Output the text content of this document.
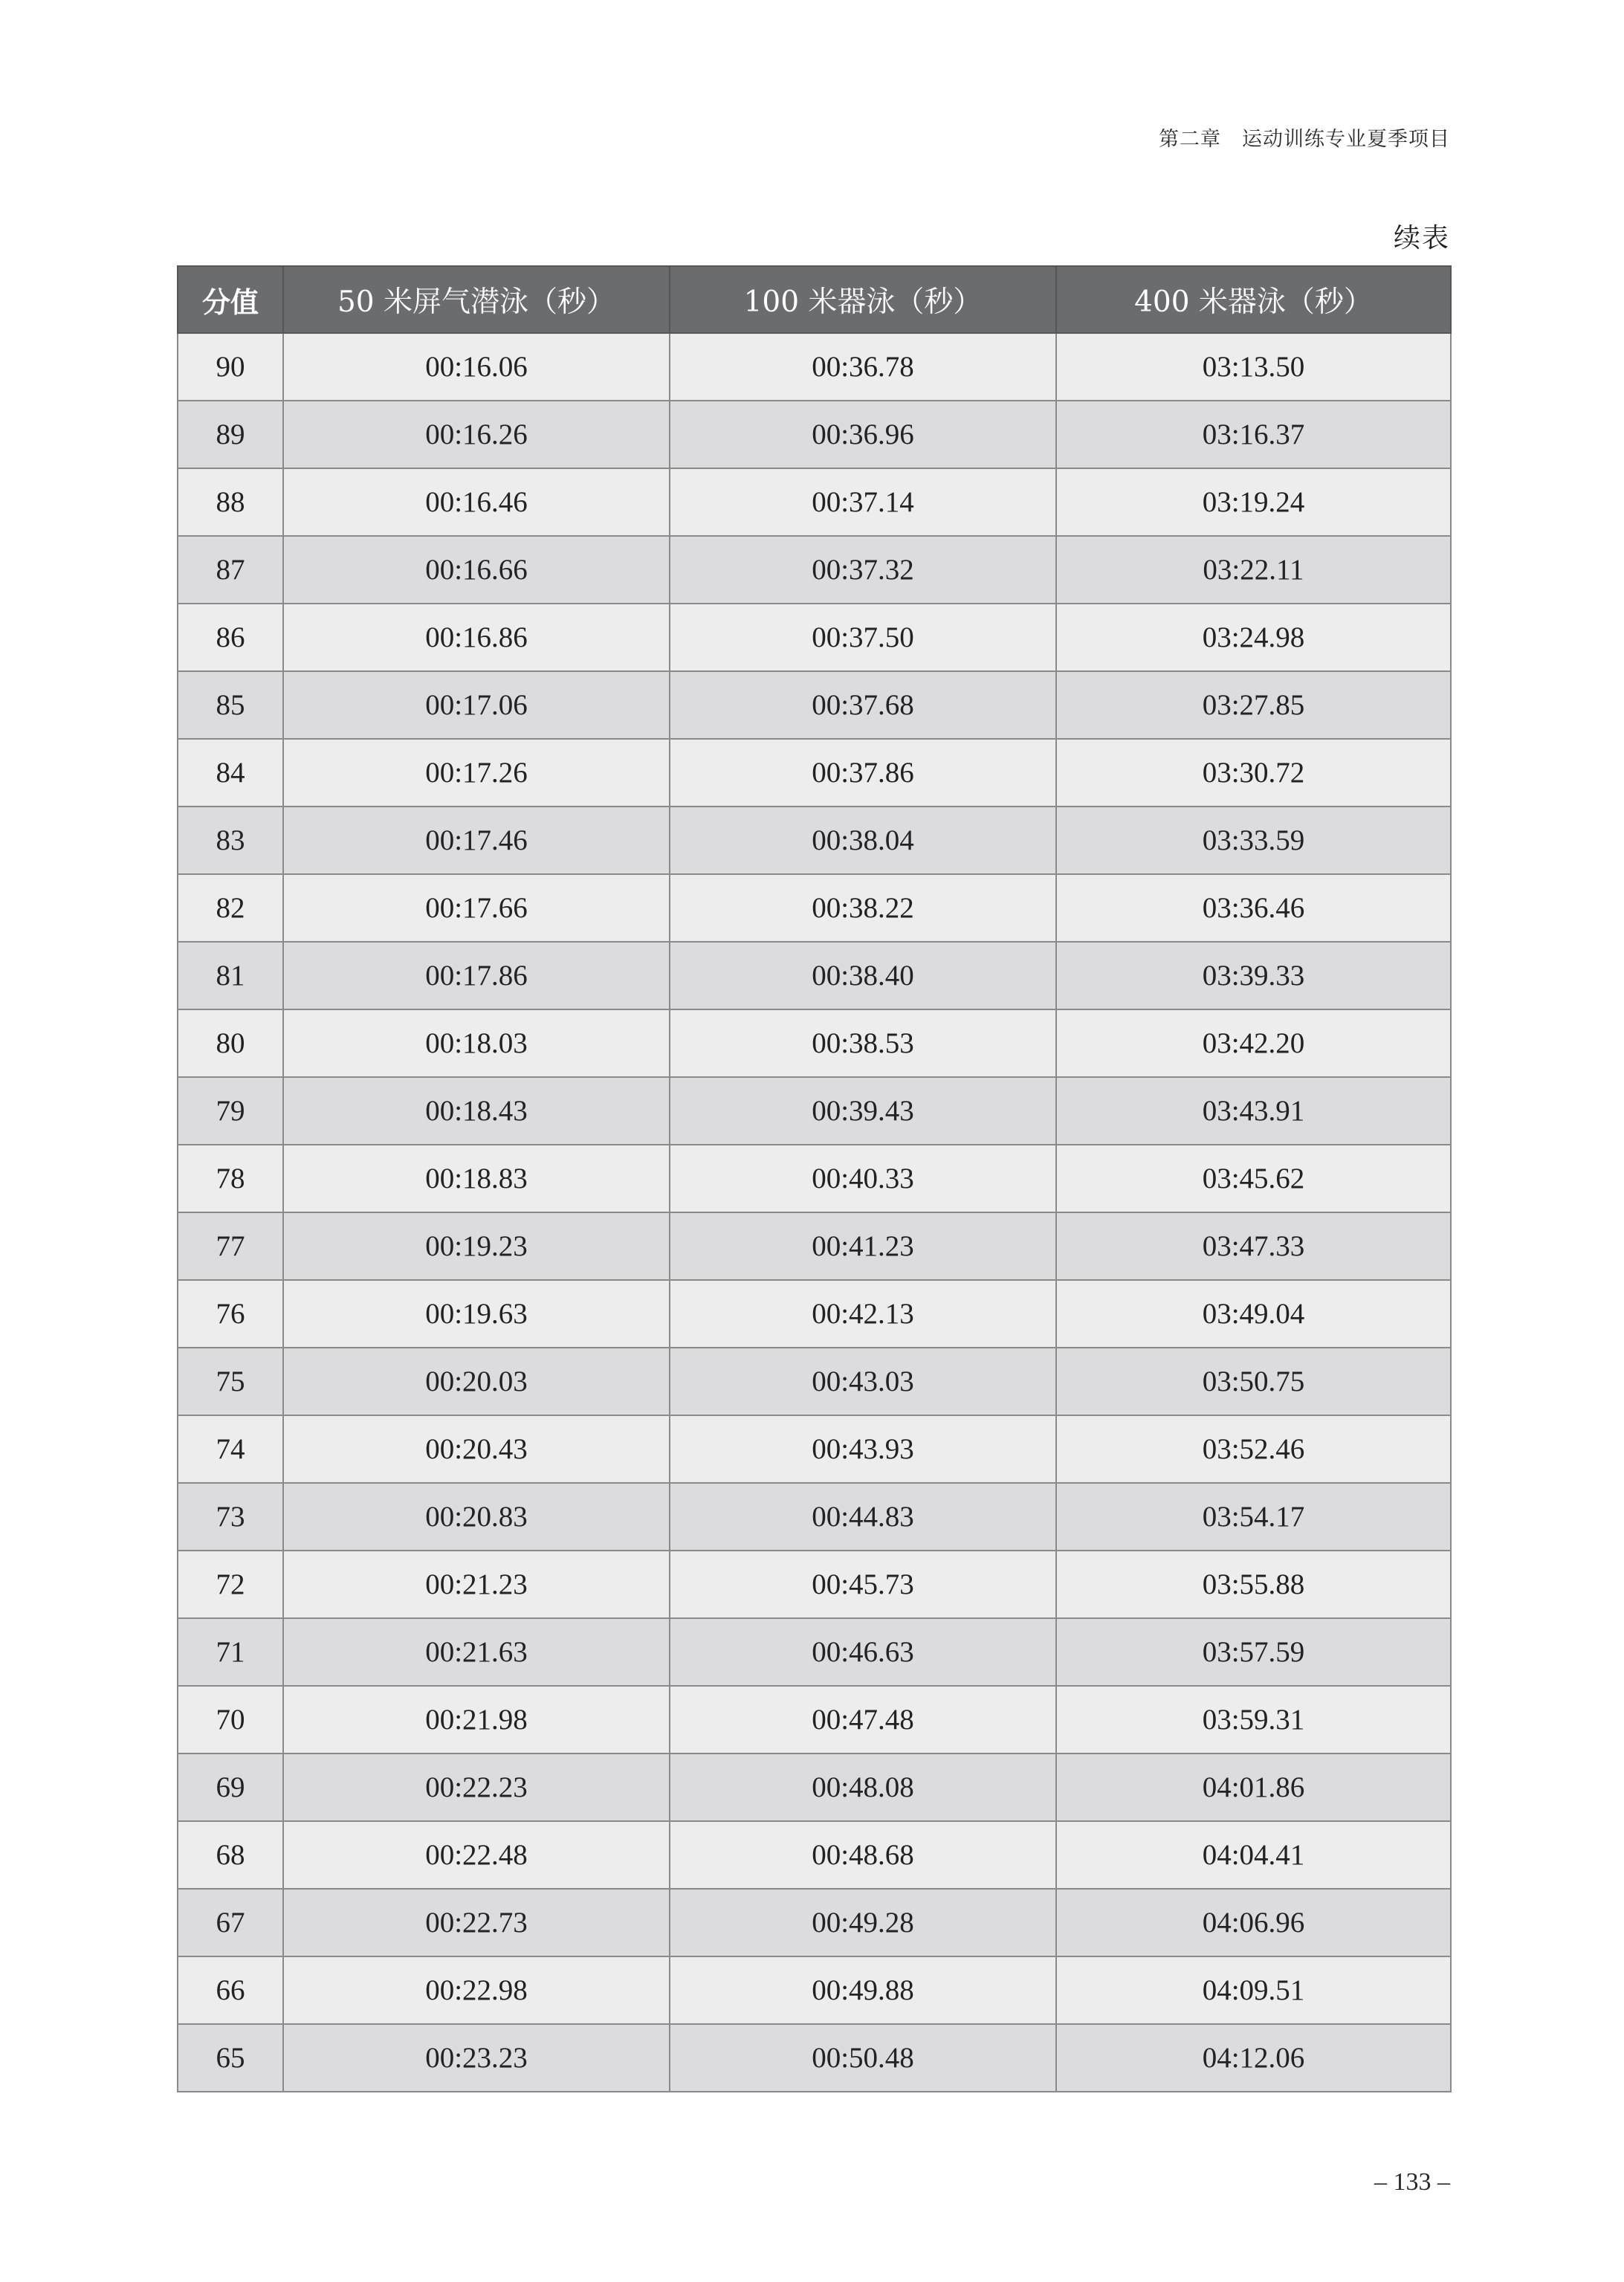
第二章　运动训练专业夏季项目
续表
分值	50 米屏气潜泳（秒）	100 米器泳（秒）	400 米器泳（秒）
90	00:16.06	00:36.78	03:13.50
89	00:16.26	00:36.96	03:16.37
88	00:16.46	00:37.14	03:19.24
87	00:16.66	00:37.32	03:22.11
86	00:16.86	00:37.50	03:24.98
85	00:17.06	00:37.68	03:27.85
84	00:17.26	00:37.86	03:30.72
83	00:17.46	00:38.04	03:33.59
82	00:17.66	00:38.22	03:36.46
81	00:17.86	00:38.40	03:39.33
80	00:18.03	00:38.53	03:42.20
79	00:18.43	00:39.43	03:43.91
78	00:18.83	00:40.33	03:45.62
77	00:19.23	00:41.23	03:47.33
76	00:19.63	00:42.13	03:49.04
75	00:20.03	00:43.03	03:50.75
74	00:20.43	00:43.93	03:52.46
73	00:20.83	00:44.83	03:54.17
72	00:21.23	00:45.73	03:55.88
71	00:21.63	00:46.63	03:57.59
70	00:21.98	00:47.48	03:59.31
69	00:22.23	00:48.08	04:01.86
68	00:22.48	00:48.68	04:04.41
67	00:22.73	00:49.28	04:06.96
66	00:22.98	00:49.88	04:09.51
65	00:23.23	00:50.48	04:12.06
– 133 –
